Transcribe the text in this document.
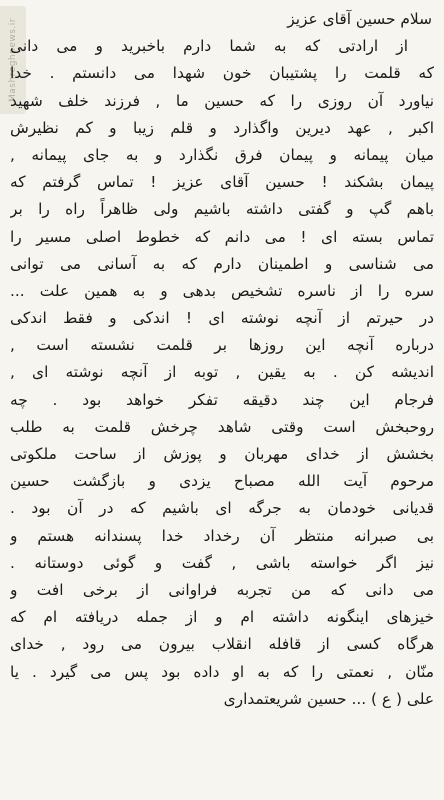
Mashreghnews.ir	سلام حسین آقای عزیز
از ارادتی که به شما دارم باخبرید و می دانی
که قلمت را پشتیبان خون شهدا می دانستم . خدا
نیاورد آن روزی را که حسین ما , فرزند خلف شهید
اکبر , عهد دیرین واگذارد و قلم زیبا و کم نظیرش
میان پیمانه و پیمان فرق نگذارد و به جای پیمانه ,
پیمان بشکند ! حسین آقای عزیز ! تماس گرفتم که
باهم گپ و گفتی داشته باشیم ولی ظاهراً راه را بر
تماس بسته ای ! می دانم که خطوط اصلی مسیر را
می شناسی و اطمینان دارم که به آسانی می توانی
سره را از ناسره تشخیص بدهی و به همین علت ...
در حیرتم از آنچه نوشته ای ! اندکی و فقط اندکی
درباره آنچه این روزها بر قلمت نشسته است ,
اندیشه کن . به یقین , توبه از آنچه نوشته ای ,
فرجام این چند دقیقه تفکر خواهد بود . چه
روحبخش است وقتی شاهد چرخش قلمت به طلب
بخشش از خدای مهربان و پوزش از ساحت ملکوتی
مرحوم آیت الله مصباح یزدی و بازگشت حسین
قدیانی خودمان به جرگه ای باشیم که در آن بود .
بی صبرانه منتظر آن رخداد خدا پسندانه هستم و
نیز اگر خواسته باشی , گفت و گوئی دوستانه .
می دانی که من تجربه فراوانی از برخی افت و
خیزهای اینگونه داشته ام و از جمله دریافته ام که
هرگاه کسی از قافله انقلاب بیرون می رود , خدای
منّان , نعمتی را که به او داده بود پس می گیرد . یا
علی ( ع ) ... حسین شریعتمداری
